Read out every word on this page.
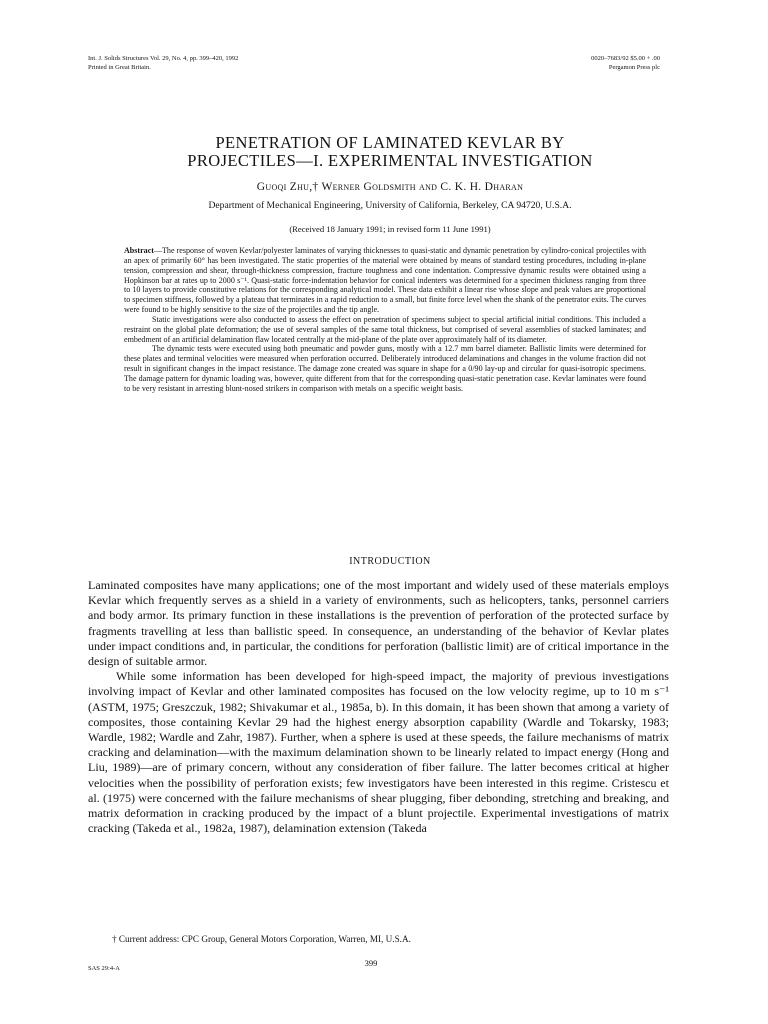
Int. J. Solids Structures Vol. 29, No. 4, pp. 399–420, 1992
Printed in Great Britain.
0020–7683/92 $5.00 + .00
Pergamon Press plc
PENETRATION OF LAMINATED KEVLAR BY
PROJECTILES—I. EXPERIMENTAL INVESTIGATION
Guoqi Zhu,† Werner Goldsmith and C. K. H. Dharan
Department of Mechanical Engineering, University of California, Berkeley, CA 94720, U.S.A.
(Received 18 January 1991; in revised form 11 June 1991)

Abstract—The response of woven Kevlar/polyester laminates of varying thicknesses to quasi-static and dynamic penetration by cylindro-conical projectiles with an apex of primarily 60° has been investigated. The static properties of the material were obtained by means of standard testing procedures, including in-plane tension, compression and shear, through-thickness compression, fracture toughness and cone indentation. Compressive dynamic results were obtained using a Hopkinson bar at rates up to 2000 s⁻¹. Quasi-static force-indentation behavior for conical indenters was determined for a specimen thickness ranging from three to 10 layers to provide constitutive relations for the corresponding analytical model. These data exhibit a linear rise whose slope and peak values are proportional to specimen stiffness, followed by a plateau that terminates in a rapid reduction to a small, but finite force level when the shank of the penetrator exits. The curves were found to be highly sensitive to the size of the projectiles and the tip angle.

Static investigations were also conducted to assess the effect on penetration of specimens subject to special artificial initial conditions. This included a restraint on the global plate deformation; the use of several samples of the same total thickness, but comprised of several assemblies of stacked laminates; and embedment of an artificial delamination flaw located centrally at the mid-plane of the plate over approximately half of its diameter.

The dynamic tests were executed using both pneumatic and powder guns, mostly with a 12.7 mm barrel diameter. Ballistic limits were determined for these plates and terminal velocities were measured when perforation occurred. Deliberately introduced delaminations and changes in the volume fraction did not result in significant changes in the impact resistance. The damage zone created was square in shape for a 0/90 lay-up and circular for quasi-isotropic specimens. The damage pattern for dynamic loading was, however, quite different from that for the corresponding quasi-static penetration case. Kevlar laminates were found to be very resistant in arresting blunt-nosed strikers in comparison with metals on a specific weight basis.

INTRODUCTION

Laminated composites have many applications; one of the most important and widely used of these materials employs Kevlar which frequently serves as a shield in a variety of environments, such as helicopters, tanks, personnel carriers and body armor. Its primary function in these installations is the prevention of perforation of the protected surface by fragments travelling at less than ballistic speed. In consequence, an understanding of the behavior of Kevlar plates under impact conditions and, in particular, the conditions for perforation (ballistic limit) are of critical importance in the design of suitable armor.

While some information has been developed for high-speed impact, the majority of previous investigations involving impact of Kevlar and other laminated composites has focused on the low velocity regime, up to 10 m s⁻¹ (ASTM, 1975; Greszczuk, 1982; Shivakumar et al., 1985a, b). In this domain, it has been shown that among a variety of composites, those containing Kevlar 29 had the highest energy absorption capability (Wardle and Tokarsky, 1983; Wardle, 1982; Wardle and Zahr, 1987). Further, when a sphere is used at these speeds, the failure mechanisms of matrix cracking and delamination—with the maximum delamination shown to be linearly related to impact energy (Hong and Liu, 1989)—are of primary concern, without any consideration of fiber failure. The latter becomes critical at higher velocities when the possibility of perforation exists; few investigators have been interested in this regime. Cristescu et al. (1975) were concerned with the failure mechanisms of shear plugging, fiber debonding, stretching and breaking, and matrix deformation in cracking produced by the impact of a blunt projectile. Experimental investigations of matrix cracking (Takeda et al., 1982a, 1987), delamination extension (Takeda

† Current address: CPC Group, General Motors Corporation, Warren, MI, U.S.A.
SAS 29:4-A
399
